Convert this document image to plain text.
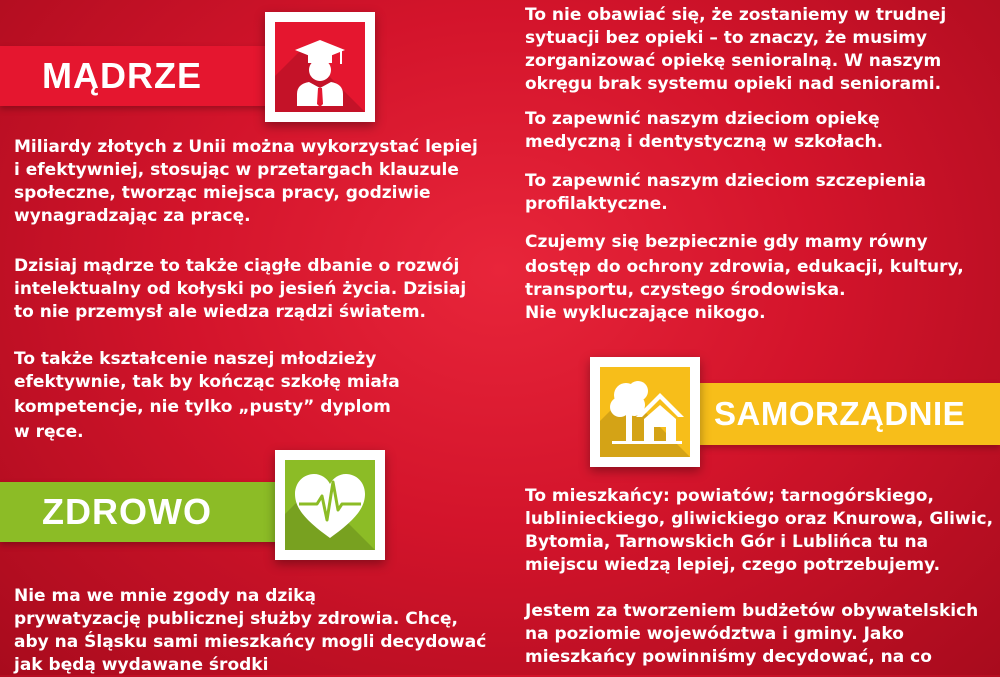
MĄDRZE

Miliardy złotych z Unii można wykorzystać lepiej

i efektywniej, stosując w przetargach klauzule

społeczne, tworząc miejsca pracy, godziwie

wynagradzając za pracę.

Dzisiaj mądrze to także ciągłe dbanie o rozwój

intelektualny od kołyski po jesień życia. Dzisiaj

to nie przemysł ale wiedza rządzi światem.

To także kształcenie naszej młodzieży

efektywnie, tak by kończąc szkołę miała

kompetencje, nie tylko „pusty” dyplom

w ręce.

ZDROWO

Nie ma we mnie zgody na dziką

prywatyzację publicznej służby zdrowia. Chcę,

aby na Śląsku sami mieszkańcy mogli decydować

jak będą wydawane środki

To nie obawiać się, że zostaniemy w trudnej

sytuacji bez opieki – to znaczy, że musimy

zorganizować opiekę senioralną. W naszym

okręgu brak systemu opieki nad seniorami.

To zapewnić naszym dzieciom opiekę

medyczną i dentystyczną w szkołach.

To zapewnić naszym dzieciom szczepienia

profilaktyczne.

Czujemy się bezpiecznie gdy mamy równy

dostęp do ochrony zdrowia, edukacji, kultury,

transportu, czystego środowiska.

Nie wykluczające nikogo.

SAMORZĄDNIE

To mieszkańcy: powiatów; tarnogórskiego,

lublinieckiego, gliwickiego oraz Knurowa, Gliwic,

Bytomia, Tarnowskich Gór i Lublińca tu na

miejscu wiedzą lepiej, czego potrzebujemy.

Jestem za tworzeniem budżetów obywatelskich

na poziomie województwa i gminy. Jako

mieszkańcy powinniśmy decydować, na co
